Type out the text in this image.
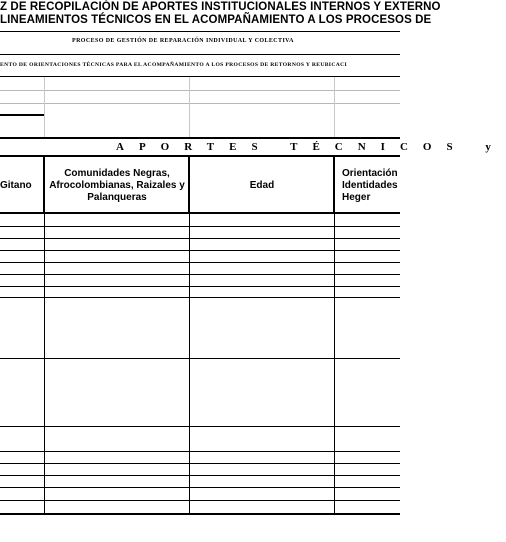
Z DE RECOPILACIÓN DE APORTES INSTITUCIONALES INTERNOS Y EXTERNO
LINEAMIENTOS TÉCNICOS EN EL ACOMPAÑAMIENTO A LOS PROCESOS DE
PROCESO DE GESTIÓN DE REPARACIÓN INDIVIDUAL Y COLECTIVA
ENTO DE ORIENTACIONES TÉCNICAS PARA EL ACOMPAÑAMIENTO A LOS PROCESOS DE RETORNOS Y REUBICACI
APORTES TÉCNICOS y
Gitano
Comunidades Negras, Afrocolombianas, Raizales y Palanqueras
Edad
Orientación Identidades Heger
